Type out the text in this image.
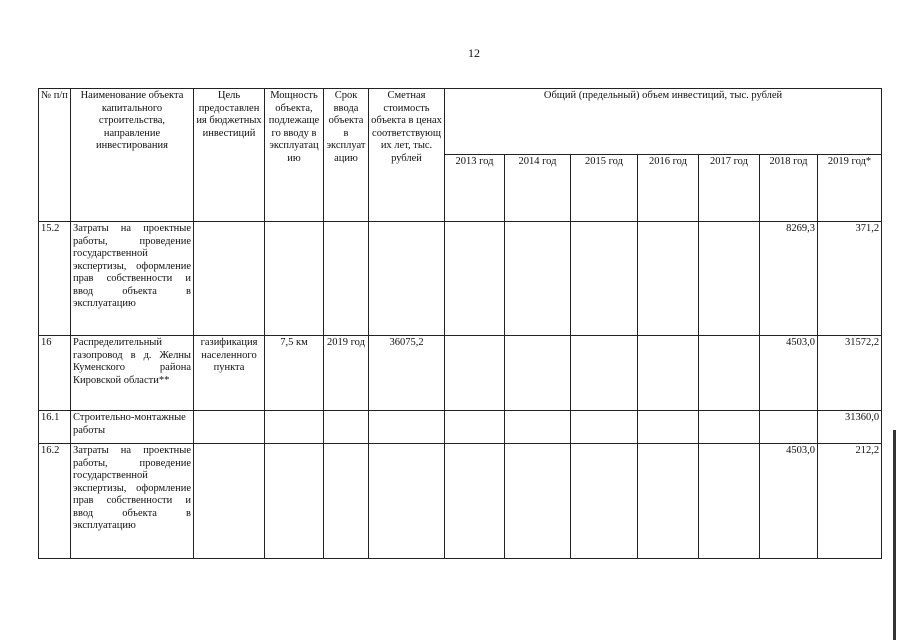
12
№ п/п	Наименование объекта капитального строительства, направление инвестирования	Цель предоставления бюджетных инвестиций	Мощность объекта, подлежащего вводу в эксплуатацию	Срок ввода объекта в эксплуатацию	Сметная стоимость объекта в ценах соответствующих лет, тыс. рублей	Общий (предельный) объем инвестиций, тыс. рублей						
						2013 год	2014 год	2015 год	2016 год	2017 год	2018 год	2019 год*
15.2	Затраты на проектные работы, проведение государственной экспертизы, оформление прав собственности и ввод объекта в эксплуатацию										8269,3	371,2
16	Распределительный газопровод в д. Желны Куменского района Кировской области**	газификация населенного пункта	7,5 км	2019 год	36075,2						4503,0	31572,2
16.1	Строительно-монтажные работы											31360,0
16.2	Затраты на проектные работы, проведение государственной экспертизы, оформление прав собственности и ввод объекта в эксплуатацию										4503,0	212,2
